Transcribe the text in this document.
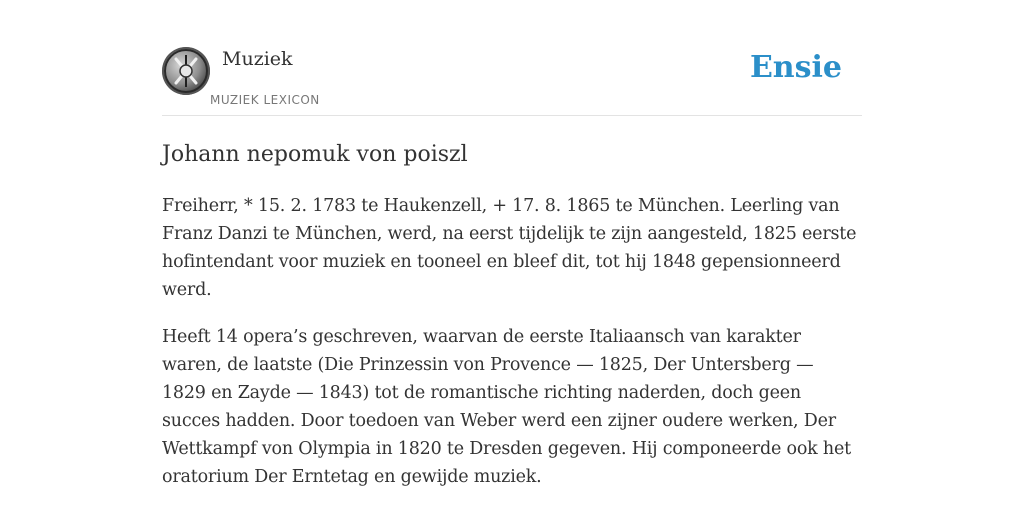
Muziek
MUZIEK LEXICON
Ensie
Johann nepomuk von poiszl

Freiherr, * 15. 2. 1783 te Haukenzell, + 17. 8. 1865 te München. Leerling van Franz Danzi te München, werd, na eerst tijdelijk te zijn aangesteld, 1825 eerste hofintendant voor muziek en tooneel en bleef dit, tot hij 1848 gepensionneerd werd.

Heeft 14 opera’s geschreven, waarvan de eerste Italiaansch van karakter waren, de laatste (Die Prinzessin von Provence — 1825, Der Untersberg — 1829 en Zayde — 1843) tot de romantische richting naderden, doch geen succes hadden. Door toedoen van Weber werd een zijner oudere werken, Der Wettkampf von Olympia in 1820 te Dresden gegeven. Hij componeerde ook het oratorium Der Erntetag en gewijde muziek.
